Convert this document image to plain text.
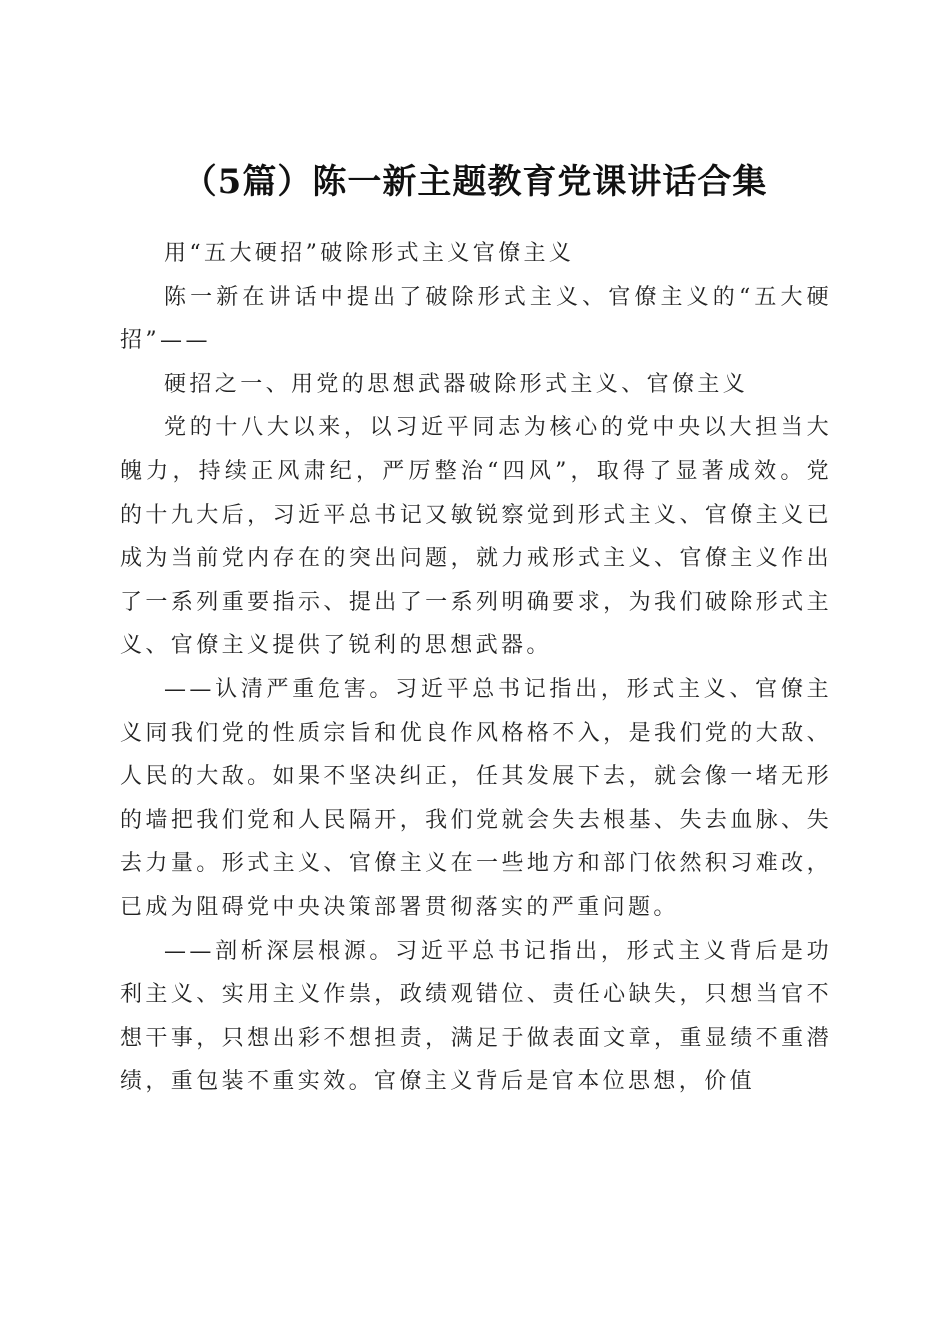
（5篇）陈一新主题教育党课讲话合集

用“五大硬招”破除形式主义官僚主义

陈一新在讲话中提出了破除形式主义、官僚主义的“五大硬招”——

硬招之一、用党的思想武器破除形式主义、官僚主义

党的十八大以来，以习近平同志为核心的党中央以大担当大魄力，持续正风肃纪，严厉整治“四风”，取得了显著成效。党的十九大后，习近平总书记又敏锐察觉到形式主义、官僚主义已成为当前党内存在的突出问题，就力戒形式主义、官僚主义作出了一系列重要指示、提出了一系列明确要求，为我们破除形式主义、官僚主义提供了锐利的思想武器。

——认清严重危害。习近平总书记指出，形式主义、官僚主义同我们党的性质宗旨和优良作风格格不入，是我们党的大敌、人民的大敌。如果不坚决纠正，任其发展下去，就会像一堵无形的墙把我们党和人民隔开，我们党就会失去根基、失去血脉、失去力量。形式主义、官僚主义在一些地方和部门依然积习难改，已成为阻碍党中央决策部署贯彻落实的严重问题。

——剖析深层根源。习近平总书记指出，形式主义背后是功利主义、实用主义作祟，政绩观错位、责任心缺失，只想当官不想干事，只想出彩不想担责，满足于做表面文章，重显绩不重潜绩，重包装不重实效。官僚主义背后是官本位思想，价值
